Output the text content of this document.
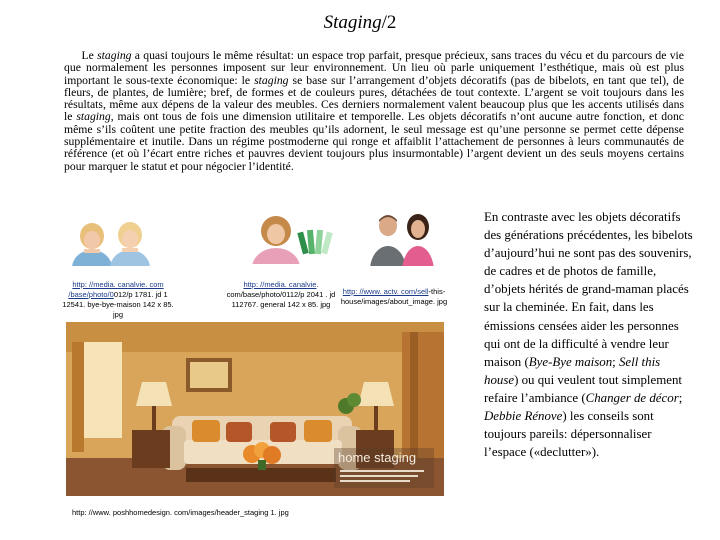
Staging/2
  Le staging a quasi toujours le même résultat: un espace trop parfait, presque précieux, sans traces du vécu et du parcours de vie que normalement les personnes imposent sur leur environnement. Un lieu où parle uniquement l’esthétique, mais où est plus important le sous-texte économique: le staging se base sur l’arrangement d’objets décoratifs (pas de bibelots, en tant que tel), de fleurs, de plantes, de lumière; bref, de formes et de couleurs pures, détachées de tout contexte. L’argent se voit toujours dans les résultats, même aux dépens de la valeur des meubles. Ces derniers normalement valent beaucoup plus que les accents utilisés dans le staging, mais ont tous de fois une dimension utilitaire et temporelle. Les objets décoratifs n’ont aucune autre fonction, et donc même s’ils coûtent une petite fraction des meubles qu’ils adornent, le seul message est qu’une personne se permet cette dépense supplémentaire et inutile. Dans un régime postmoderne qui ronge et affaiblit l’attachement de personnes à leurs communautés de référence (et où l’écart entre riches et pauvres devient toujours plus insurmontable) l’argent devient un des seuls moyens certains pour marquer le statut et pour négocier l’identité.
En contraste avec les objets décoratifs des générations précédentes, les bibelots d’aujourd’hui ne sont pas des souvenirs, de cadres et de photos de famille, d’objets hérités de grand-maman placés sur la cheminée. En fait, dans les émissions censées aider les personnes qui ont de la difficulté à vendre leur maison (Bye-Bye maison; Sell this house) ou qui veulent tout simplement refaire l’ambiance (Changer de décor; Debbie Rénove) les conseils sont toujours pareils: dépersonnaliser l’espace («declutter»).
http: //media. canalvie. com /base/photo/0012/p 1781. jd 1 12541. bye-bye-maison 142 x 85. jpg
http: //media. canalvie. com/base/photo/0112/p 2041 . jd 112767. general 142 x 85. jpg
http: //www. actv. com/sell-this-house/images/about_image. jpg
home staging
http: //www. poshhomedesign. com/images/header_staging 1. jpg
